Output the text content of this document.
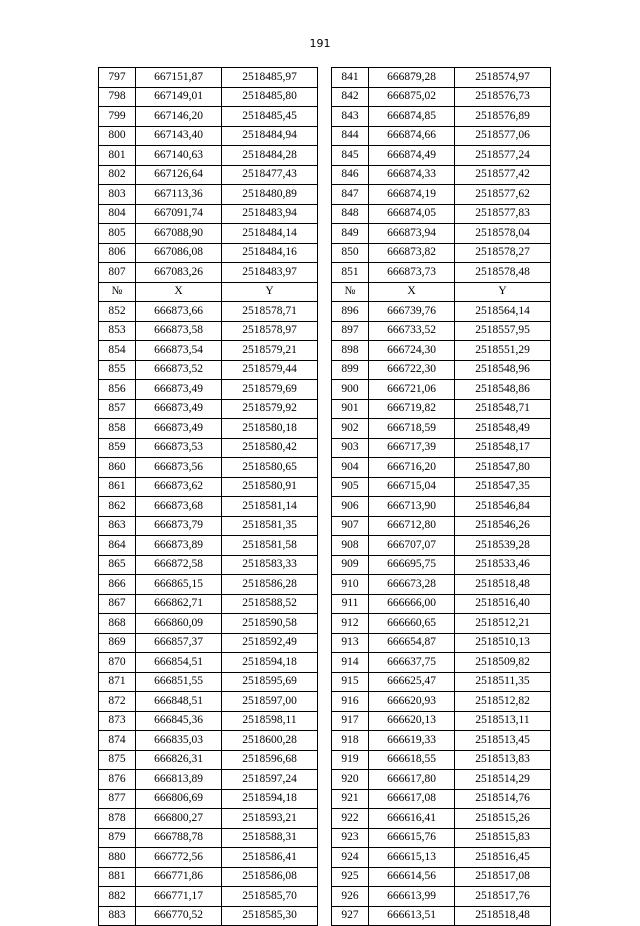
191
797	667151,87	2518485,97		841	666879,28	2518574,97
798	667149,01	2518485,80		842	666875,02	2518576,73
799	667146,20	2518485,45		843	666874,85	2518576,89
800	667143,40	2518484,94		844	666874,66	2518577,06
801	667140,63	2518484,28		845	666874,49	2518577,24
802	667126,64	2518477,43		846	666874,33	2518577,42
803	667113,36	2518480,89		847	666874,19	2518577,62
804	667091,74	2518483,94		848	666874,05	2518577,83
805	667088,90	2518484,14		849	666873,94	2518578,04
806	667086,08	2518484,16		850	666873,82	2518578,27
807	667083,26	2518483,97		851	666873,73	2518578,48
№	X	Y		№	X	Y
852	666873,66	2518578,71		896	666739,76	2518564,14
853	666873,58	2518578,97		897	666733,52	2518557,95
854	666873,54	2518579,21		898	666724,30	2518551,29
855	666873,52	2518579,44		899	666722,30	2518548,96
856	666873,49	2518579,69		900	666721,06	2518548,86
857	666873,49	2518579,92		901	666719,82	2518548,71
858	666873,49	2518580,18		902	666718,59	2518548,49
859	666873,53	2518580,42		903	666717,39	2518548,17
860	666873,56	2518580,65		904	666716,20	2518547,80
861	666873,62	2518580,91		905	666715,04	2518547,35
862	666873,68	2518581,14		906	666713,90	2518546,84
863	666873,79	2518581,35		907	666712,80	2518546,26
864	666873,89	2518581,58		908	666707,07	2518539,28
865	666872,58	2518583,33		909	666695,75	2518533,46
866	666865,15	2518586,28		910	666673,28	2518518,48
867	666862,71	2518588,52		911	666666,00	2518516,40
868	666860,09	2518590,58		912	666660,65	2518512,21
869	666857,37	2518592,49		913	666654,87	2518510,13
870	666854,51	2518594,18		914	666637,75	2518509,82
871	666851,55	2518595,69		915	666625,47	2518511,35
872	666848,51	2518597,00		916	666620,93	2518512,82
873	666845,36	2518598,11		917	666620,13	2518513,11
874	666835,03	2518600,28		918	666619,33	2518513,45
875	666826,31	2518596,68		919	666618,55	2518513,83
876	666813,89	2518597,24		920	666617,80	2518514,29
877	666806,69	2518594,18		921	666617,08	2518514,76
878	666800,27	2518593,21		922	666616,41	2518515,26
879	666788,78	2518588,31		923	666615,76	2518515,83
880	666772,56	2518586,41		924	666615,13	2518516,45
881	666771,86	2518586,08		925	666614,56	2518517,08
882	666771,17	2518585,70		926	666613,99	2518517,76
883	666770,52	2518585,30		927	666613,51	2518518,48
